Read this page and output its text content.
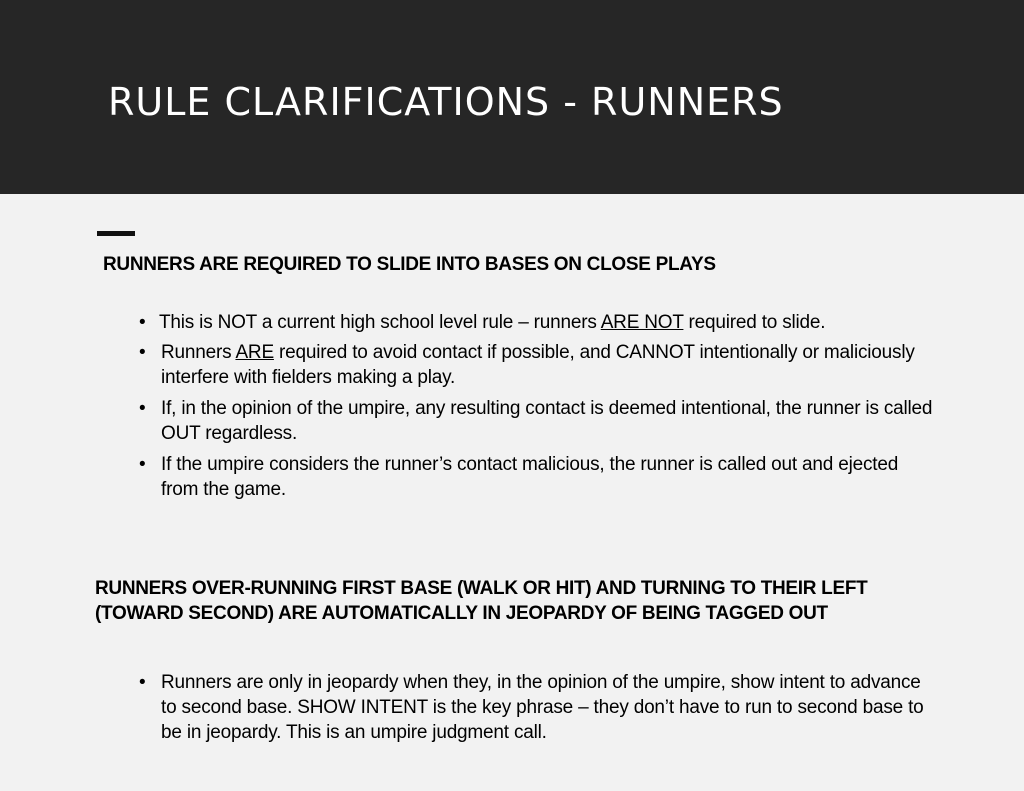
RULE CLARIFICATIONS - RUNNERS
RUNNERS ARE REQUIRED TO SLIDE INTO BASES ON CLOSE PLAYS
• This is NOT a current high school level rule – runners ARE NOT required to slide.
• Runners ARE required to avoid contact if possible, and CANNOT intentionally or maliciously interfere with fielders making a play.
• If, in the opinion of the umpire, any resulting contact is deemed intentional, the runner is called OUT regardless.
• If the umpire considers the runner’s contact malicious, the runner is called out and ejected from the game.
RUNNERS OVER-RUNNING FIRST BASE (WALK OR HIT) AND TURNING TO THEIR LEFT (TOWARD SECOND) ARE AUTOMATICALLY IN JEOPARDY OF BEING TAGGED OUT
• Runners are only in jeopardy when they, in the opinion of the umpire, show intent to advance to second base. SHOW INTENT is the key phrase – they don’t have to run to second base to be in jeopardy. This is an umpire judgment call.
